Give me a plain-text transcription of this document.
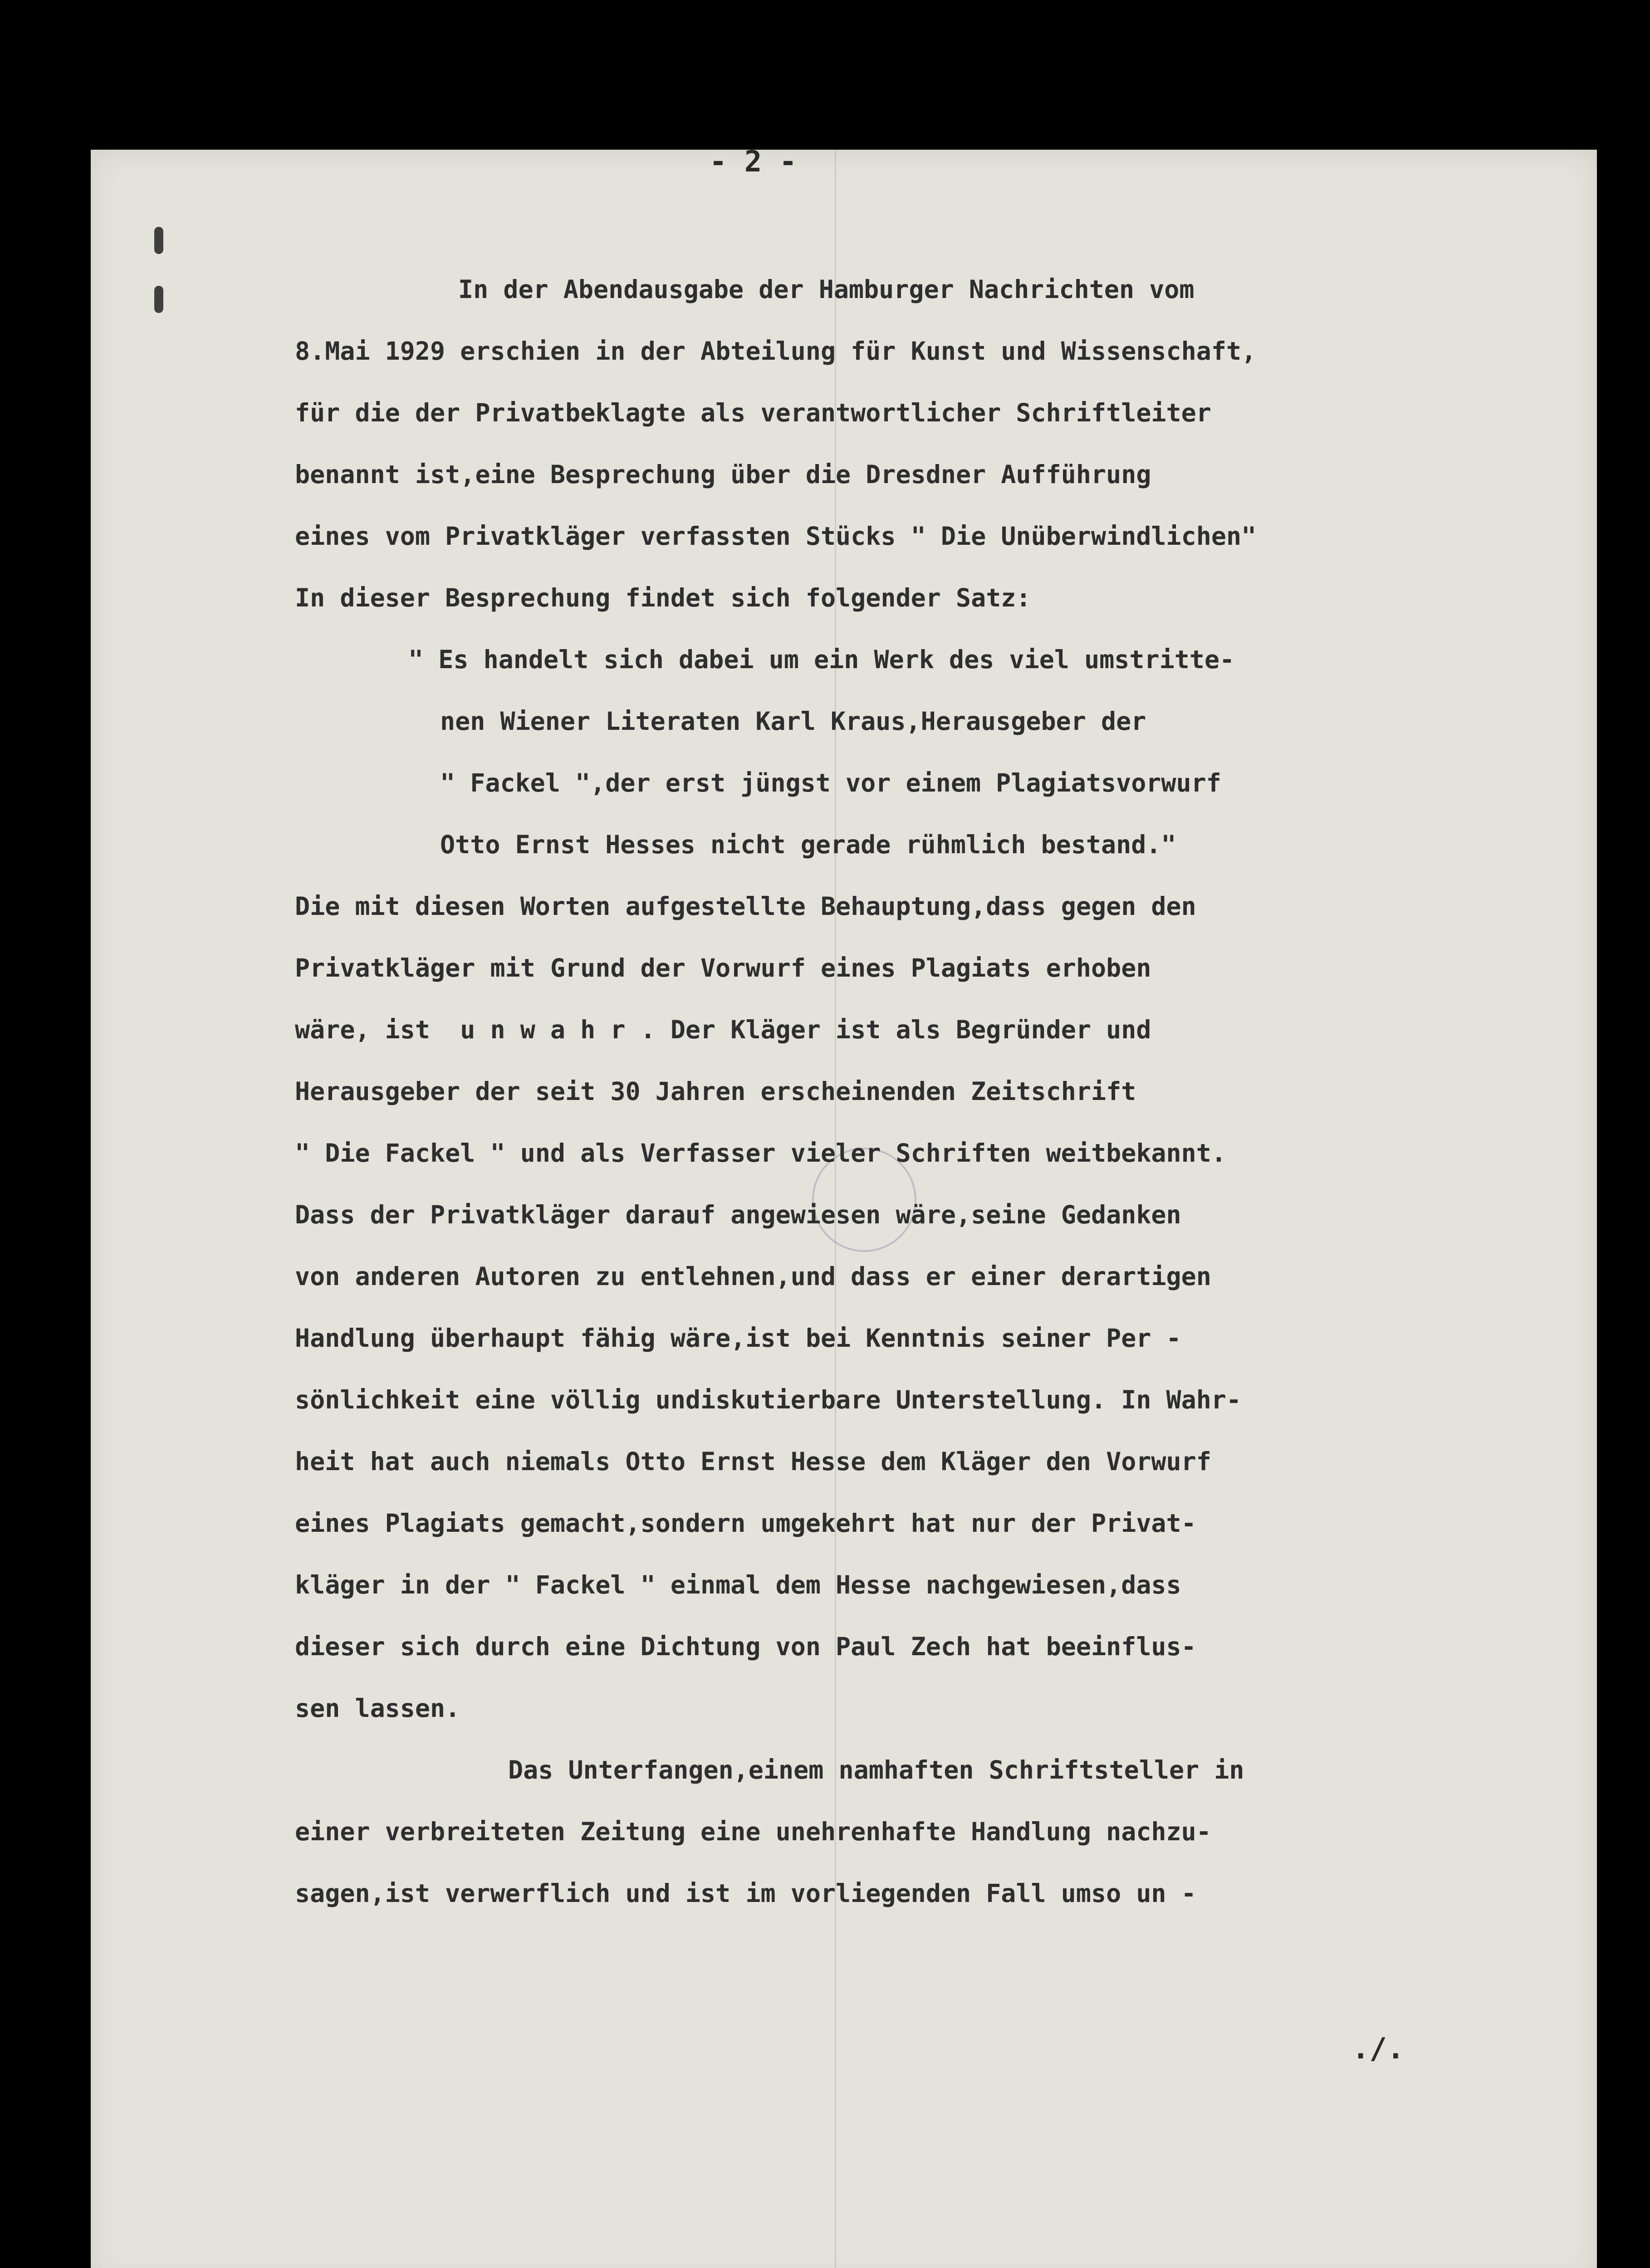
- 2 -
In der Abendausgabe der Hamburger Nachrichten vom
8.Mai 1929 erschien in der Abteilung für Kunst und Wissenschaft,
für die der Privatbeklagte als verantwortlicher Schriftleiter
benannt ist,eine Besprechung über die Dresdner Aufführung
eines vom Privatkläger verfassten Stücks " Die Unüberwindlichen"
In dieser Besprechung findet sich folgender Satz:
" Es handelt sich dabei um ein Werk des viel umstritte-
nen Wiener Literaten Karl Kraus,Herausgeber der
" Fackel ",der erst jüngst vor einem Plagiatsvorwurf
Otto Ernst Hesses nicht gerade rühmlich bestand."
Die mit diesen Worten aufgestellte Behauptung,dass gegen den
Privatkläger mit Grund der Vorwurf eines Plagiats erhoben
wäre, ist  u n w a h r . Der Kläger ist als Begründer und
Herausgeber der seit 30 Jahren erscheinenden Zeitschrift
" Die Fackel " und als Verfasser vieler Schriften weitbekannt.
Dass der Privatkläger darauf angewiesen wäre,seine Gedanken
von anderen Autoren zu entlehnen,und dass er einer derartigen
Handlung überhaupt fähig wäre,ist bei Kenntnis seiner Per -
sönlichkeit eine völlig undiskutierbare Unterstellung. In Wahr-
heit hat auch niemals Otto Ernst Hesse dem Kläger den Vorwurf
eines Plagiats gemacht,sondern umgekehrt hat nur der Privat-
kläger in der " Fackel " einmal dem Hesse nachgewiesen,dass
dieser sich durch eine Dichtung von Paul Zech hat beeinflus-
sen lassen.
Das Unterfangen,einem namhaften Schriftsteller in
einer verbreiteten Zeitung eine unehrenhafte Handlung nachzu-
sagen,ist verwerflich und ist im vorliegenden Fall umso un -
./.
